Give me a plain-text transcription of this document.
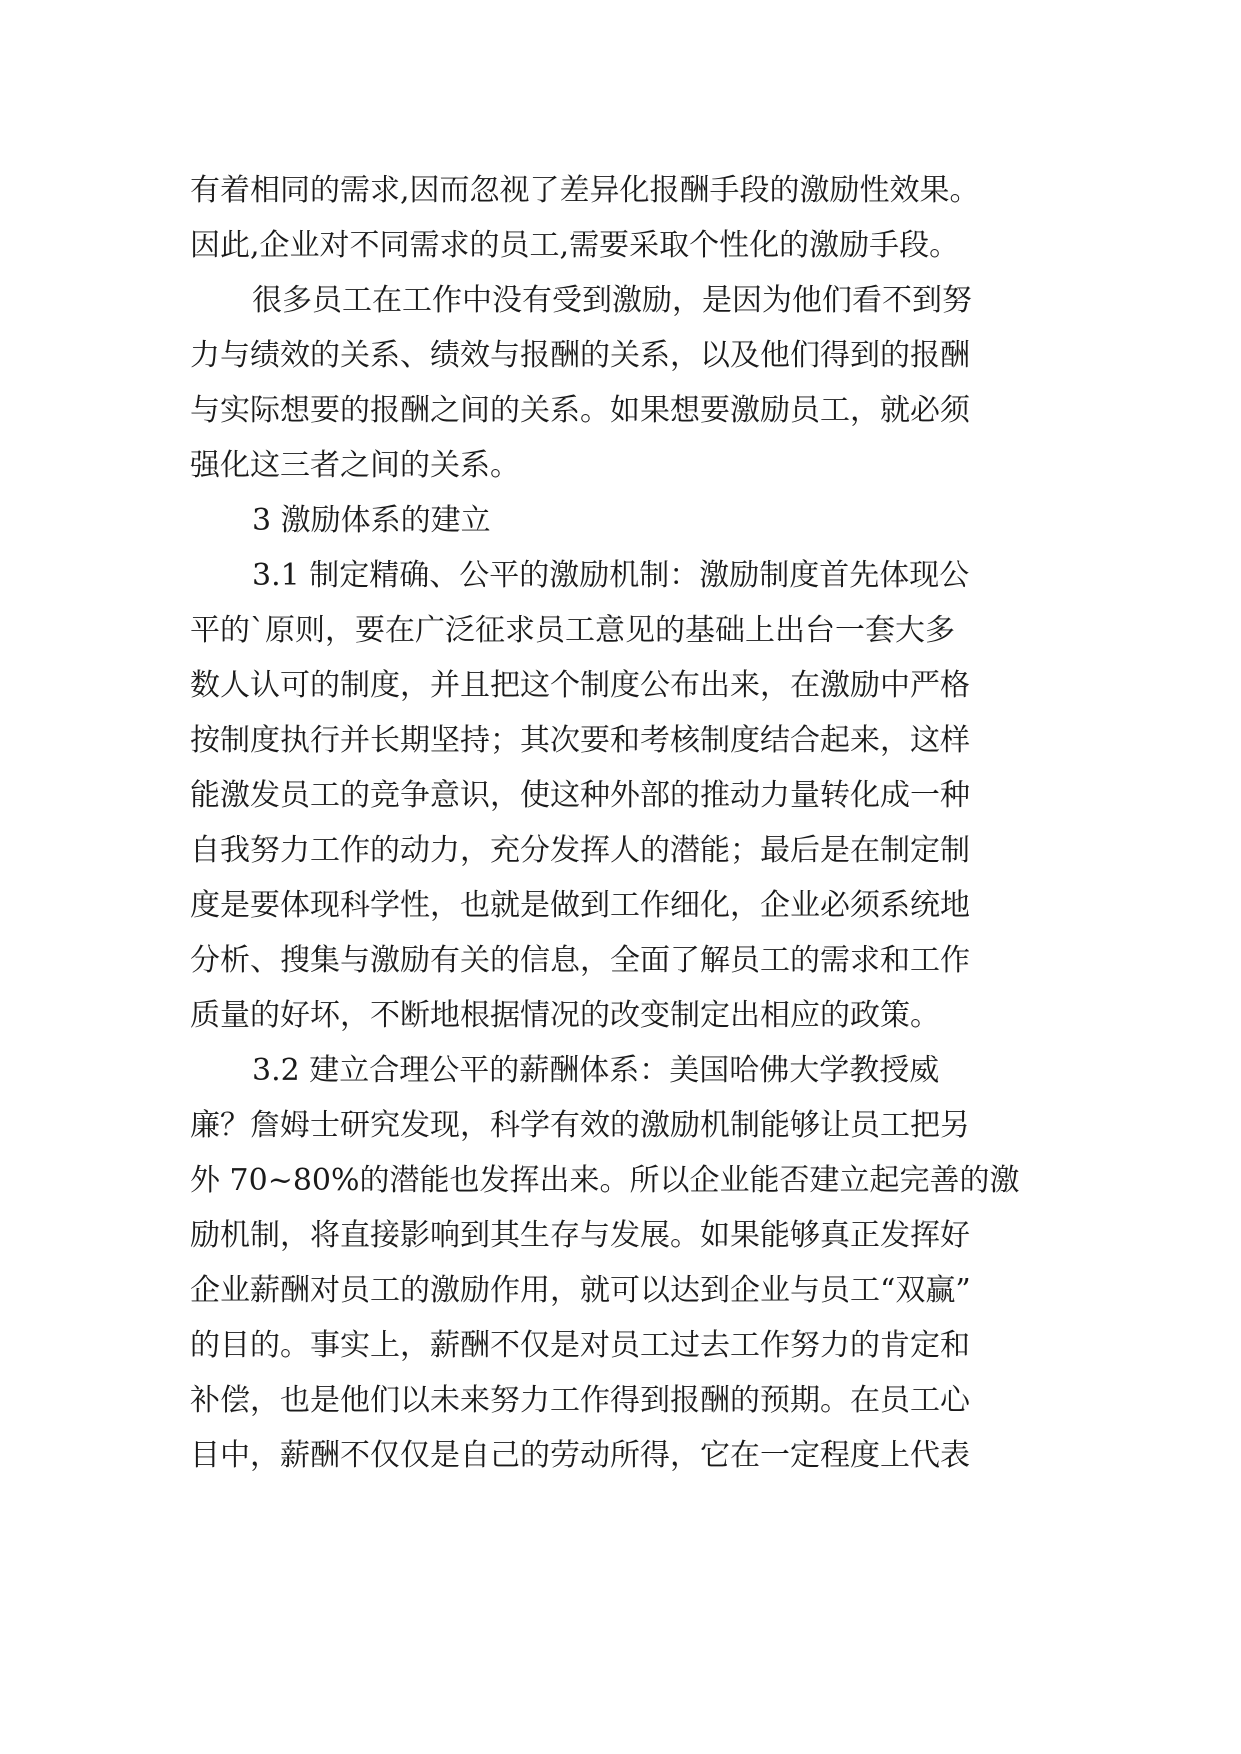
有着相同的需求,因而忽视了差异化报酬手段的激励性效果。
因此,企业对不同需求的员工,需要采取个性化的激励手段。
很多员工在工作中没有受到激励，是因为他们看不到努
力与绩效的关系、绩效与报酬的关系，以及他们得到的报酬
与实际想要的报酬之间的关系。如果想要激励员工，就必须
强化这三者之间的关系。
3 激励体系的建立
3.1 制定精确、公平的激励机制：激励制度首先体现公
平的`原则，要在广泛征求员工意见的基础上出台一套大多
数人认可的制度，并且把这个制度公布出来，在激励中严格
按制度执行并长期坚持；其次要和考核制度结合起来，这样
能激发员工的竞争意识，使这种外部的推动力量转化成一种
自我努力工作的动力，充分发挥人的潜能；最后是在制定制
度是要体现科学性，也就是做到工作细化，企业必须系统地
分析、搜集与激励有关的信息，全面了解员工的需求和工作
质量的好坏，不断地根据情况的改变制定出相应的政策。
3.2 建立合理公平的薪酬体系：美国哈佛大学教授威
廉？詹姆士研究发现，科学有效的激励机制能够让员工把另
外 70~80%的潜能也发挥出来。所以企业能否建立起完善的激
励机制，将直接影响到其生存与发展。如果能够真正发挥好
企业薪酬对员工的激励作用，就可以达到企业与员工“双赢”
的目的。事实上，薪酬不仅是对员工过去工作努力的肯定和
补偿，也是他们以未来努力工作得到报酬的预期。在员工心
目中，薪酬不仅仅是自己的劳动所得，它在一定程度上代表
